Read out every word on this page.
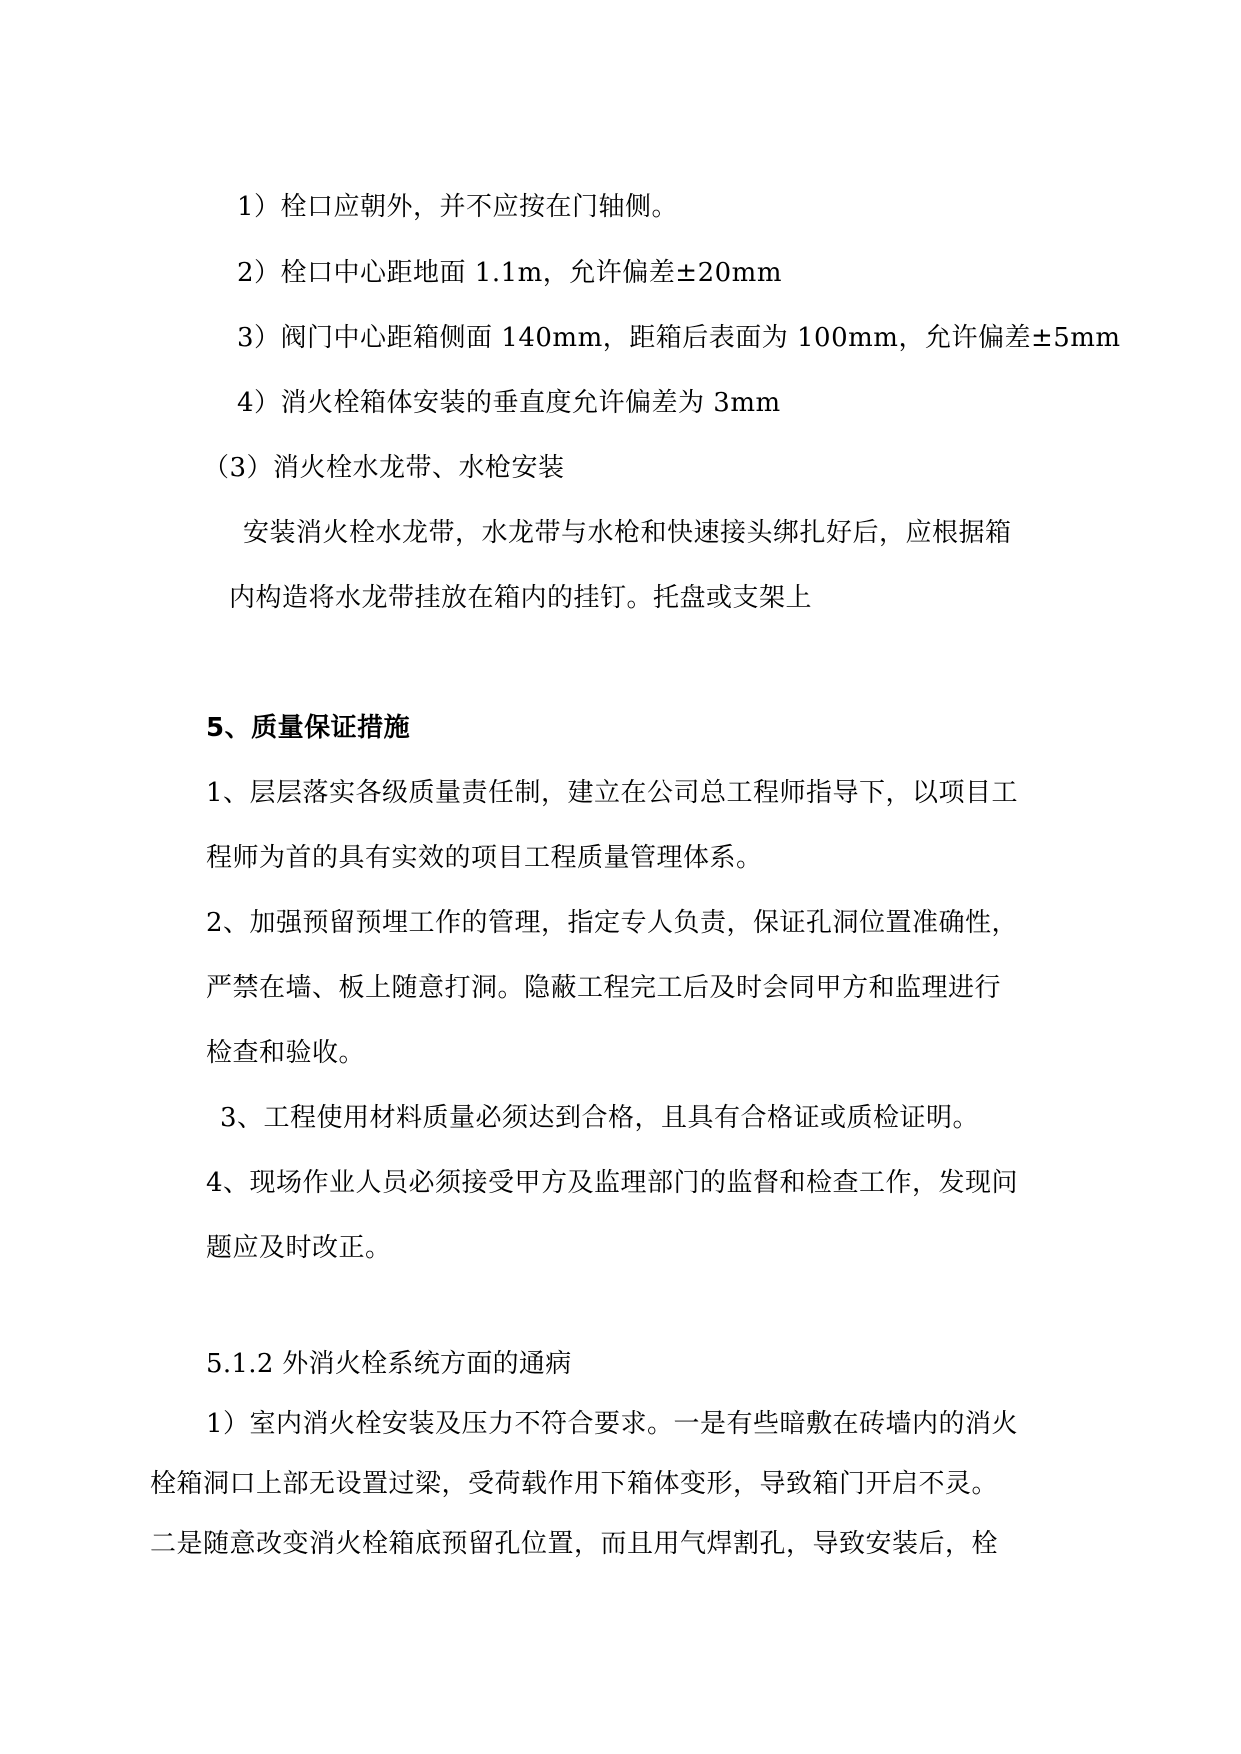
1）栓口应朝外，并不应按在门轴侧。
2）栓口中心距地面 1.1m，允许偏差±20mm
3）阀门中心距箱侧面 140mm，距箱后表面为 100mm，允许偏差±5mm
4）消火栓箱体安装的垂直度允许偏差为 3mm
（3）消火栓水龙带、水枪安装
安装消火栓水龙带，水龙带与水枪和快速接头绑扎好后，应根据箱
内构造将水龙带挂放在箱内的挂钉。托盘或支架上
5、质量保证措施
1、层层落实各级质量责任制，建立在公司总工程师指导下，以项目工
程师为首的具有实效的项目工程质量管理体系。
2、加强预留预埋工作的管理，指定专人负责，保证孔洞位置准确性，
严禁在墙、板上随意打洞。隐蔽工程完工后及时会同甲方和监理进行
检查和验收。
3、工程使用材料质量必须达到合格，且具有合格证或质检证明。
4、现场作业人员必须接受甲方及监理部门的监督和检查工作，发现问
题应及时改正。
5.1.2 外消火栓系统方面的通病
1）室内消火栓安装及压力不符合要求。一是有些暗敷在砖墙内的消火
栓箱洞口上部无设置过梁，受荷载作用下箱体变形，导致箱门开启不灵。
二是随意改变消火栓箱底预留孔位置，而且用气焊割孔，导致安装后，栓
